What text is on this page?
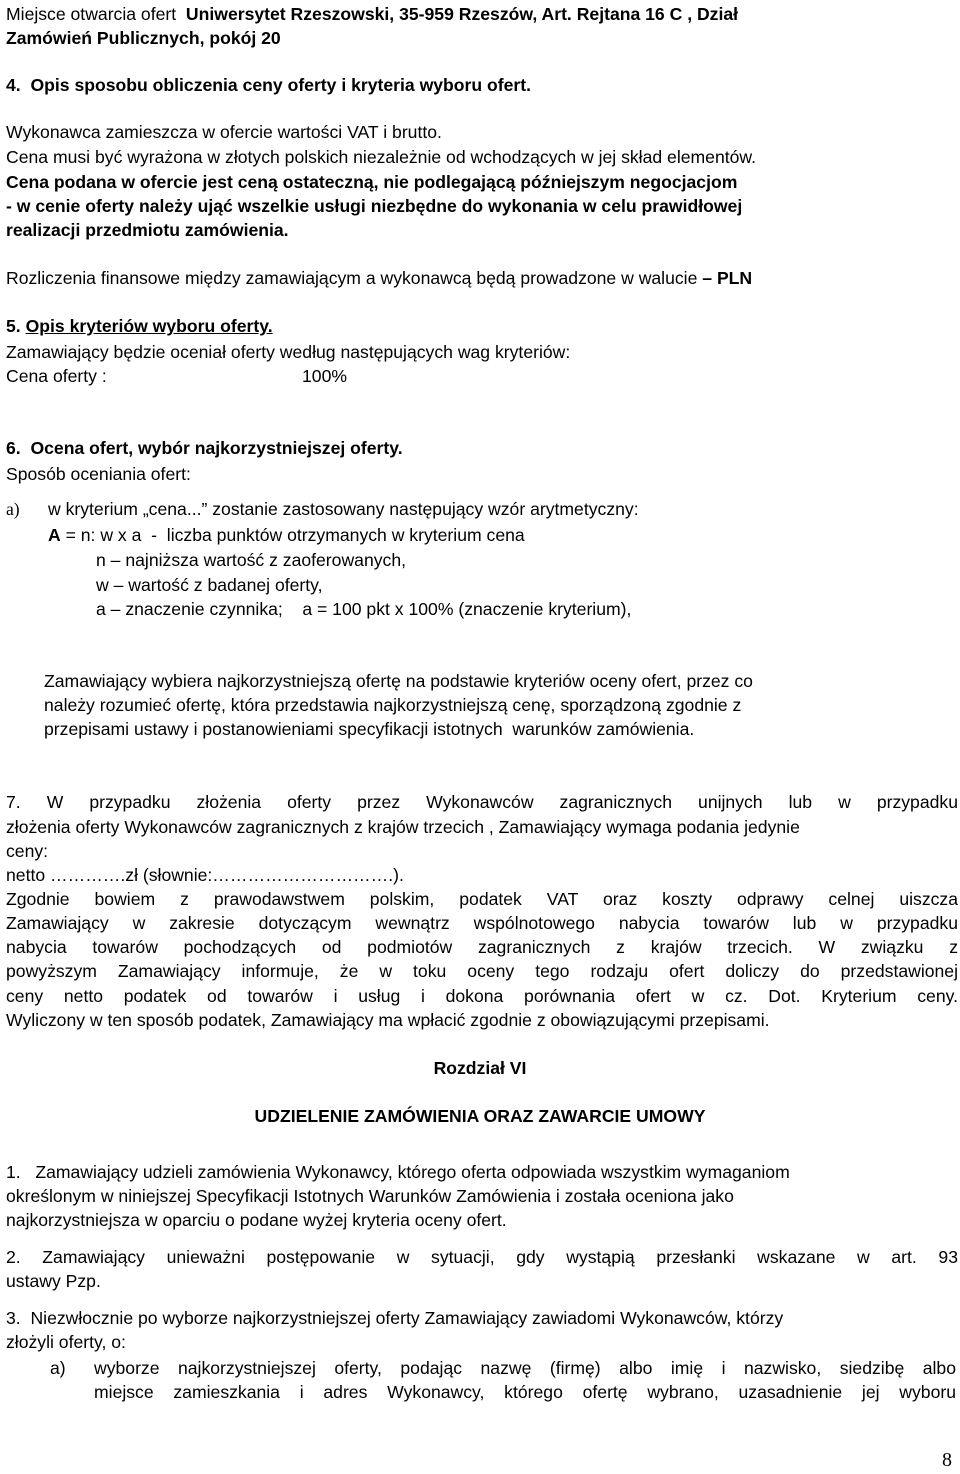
Miejsce otwarcia ofert Uniwersytet Rzeszowski, 35-959 Rzeszów, Art. Rejtana 16 C , Dział
Zamówień Publicznych, pokój 20
4.  Opis sposobu obliczenia ceny oferty i kryteria wyboru ofert.
Wykonawca zamieszcza w ofercie wartości VAT i brutto.
Cena musi być wyrażona w złotych polskich niezależnie od wchodzących w jej skład elementów.
Cena podana w ofercie jest ceną ostateczną, nie podlegającą późniejszym negocjacjom
- w cenie oferty należy ująć wszelkie usługi niezbędne do wykonania w celu prawidłowej
realizacji przedmiotu zamówienia.
Rozliczenia finansowe między zamawiającym a wykonawcą będą prowadzone w walucie – PLN
5. Opis kryteriów wyboru oferty.
Zamawiający będzie oceniał oferty według następujących wag kryteriów:
Cena oferty :	100%
6.  Ocena ofert, wybór najkorzystniejszej oferty.
Sposób oceniania ofert:
a) w kryterium „cena...” zostanie zastosowany następujący wzór arytmetyczny:
A = n: w x a  -  liczba punktów otrzymanych w kryterium cena
n – najniższa wartość z zaoferowanych,
w – wartość z badanej oferty,
a – znaczenie czynnika;    a = 100 pkt x 100% (znaczenie kryterium),
Zamawiający wybiera najkorzystniejszą ofertę na podstawie kryteriów oceny ofert, przez co
należy rozumieć ofertę, która przedstawia najkorzystniejszą cenę, sporządzoną zgodnie z
przepisami ustawy i postanowieniami specyfikacji istotnych  warunków zamówienia.
7. W przypadku złożenia oferty przez Wykonawców zagranicznych unijnych lub w przypadku
złożenia oferty Wykonawców zagranicznych z krajów trzecich , Zamawiający wymaga podania jedynie
ceny:
netto ………….zł (słownie:………………………….).
Zgodnie bowiem z prawodawstwem polskim, podatek VAT oraz koszty odprawy celnej uiszcza
Zamawiający w zakresie dotyczącym wewnątrz wspólnotowego nabycia towarów lub w przypadku
nabycia towarów pochodzących od podmiotów zagranicznych z krajów trzecich. W związku z
powyższym Zamawiający informuje, że w toku oceny tego rodzaju ofert doliczy do przedstawionej
ceny netto podatek od towarów i usług i dokona porównania ofert w cz. Dot. Kryterium ceny.
Wyliczony w ten sposób podatek, Zamawiający ma wpłacić zgodnie z obowiązującymi przepisami.
Rozdział VI
UDZIELENIE ZAMÓWIENIA ORAZ ZAWARCIE UMOWY
1.   Zamawiający udzieli zamówienia Wykonawcy, którego oferta odpowiada wszystkim wymaganiom
określonym w niniejszej Specyfikacji Istotnych Warunków Zamówienia i została oceniona jako
najkorzystniejsza w oparciu o podane wyżej kryteria oceny ofert.
2. Zamawiający unieważni postępowanie w sytuacji, gdy wystąpią przesłanki wskazane w art. 93
ustawy Pzp.
3.  Niezwłocznie po wyborze najkorzystniejszej oferty Zamawiający zawiadomi Wykonawców, którzy
złożyli oferty, o:
a) wyborze najkorzystniejszej oferty, podając nazwę (firmę) albo imię i nazwisko, siedzibę albo
miejsce zamieszkania i adres Wykonawcy, którego ofertę wybrano, uzasadnienie jej wyboru
8
